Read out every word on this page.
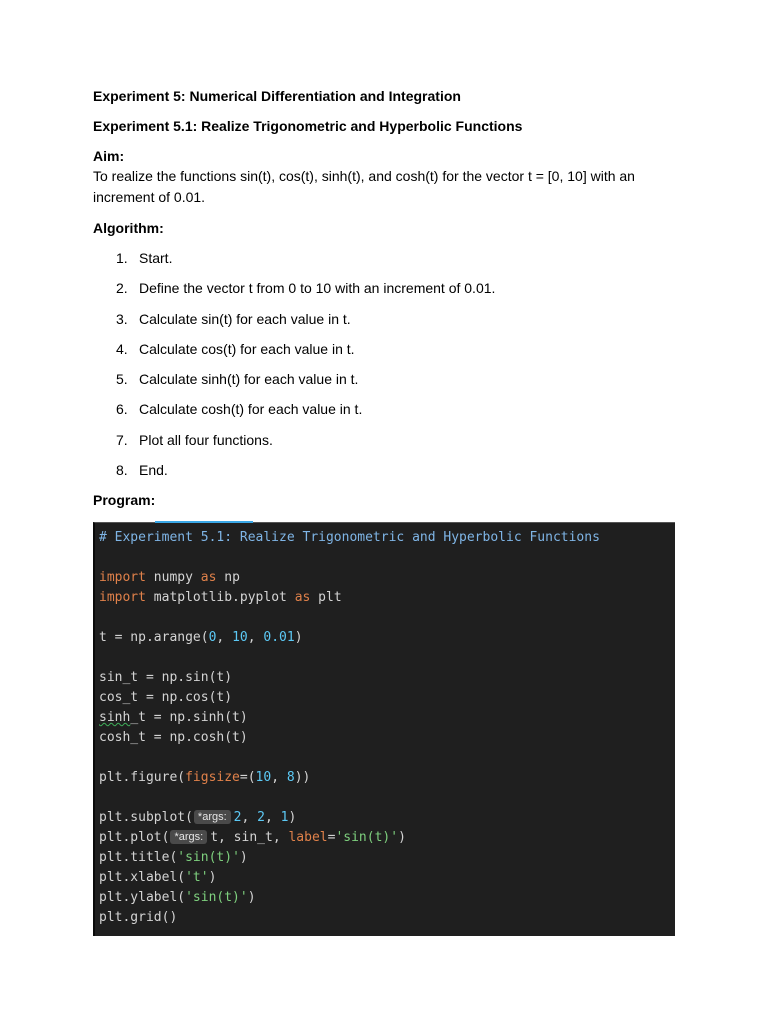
Experiment 5: Numerical Differentiation and Integration

Experiment 5.1: Realize Trigonometric and Hyperbolic Functions

Aim:

To realize the functions sin(t), cos(t), sinh(t), and cosh(t) for the vector t = [0, 10] with an increment of 0.01.

Algorithm:

1. Start.
2. Define the vector t from 0 to 10 with an increment of 0.01.
3. Calculate sin(t) for each value in t.
4. Calculate cos(t) for each value in t.
5. Calculate sinh(t) for each value in t.
6. Calculate cosh(t) for each value in t.
7. Plot all four functions.
8. End.

Program:

# Experiment 5.1: Realize Trigonometric and Hyperbolic Functions

import numpy as np
import matplotlib.pyplot as plt

t = np.arange(0, 10, 0.01)

sin_t = np.sin(t)
cos_t = np.cos(t)
sinh_t = np.sinh(t)
cosh_t = np.cosh(t)

plt.figure(figsize=(10, 8))

plt.subplot( *args: 2, 2, 1)
plt.plot( *args: t, sin_t, label='sin(t)')
plt.title('sin(t)')
plt.xlabel('t')
plt.ylabel('sin(t)')
plt.grid()
